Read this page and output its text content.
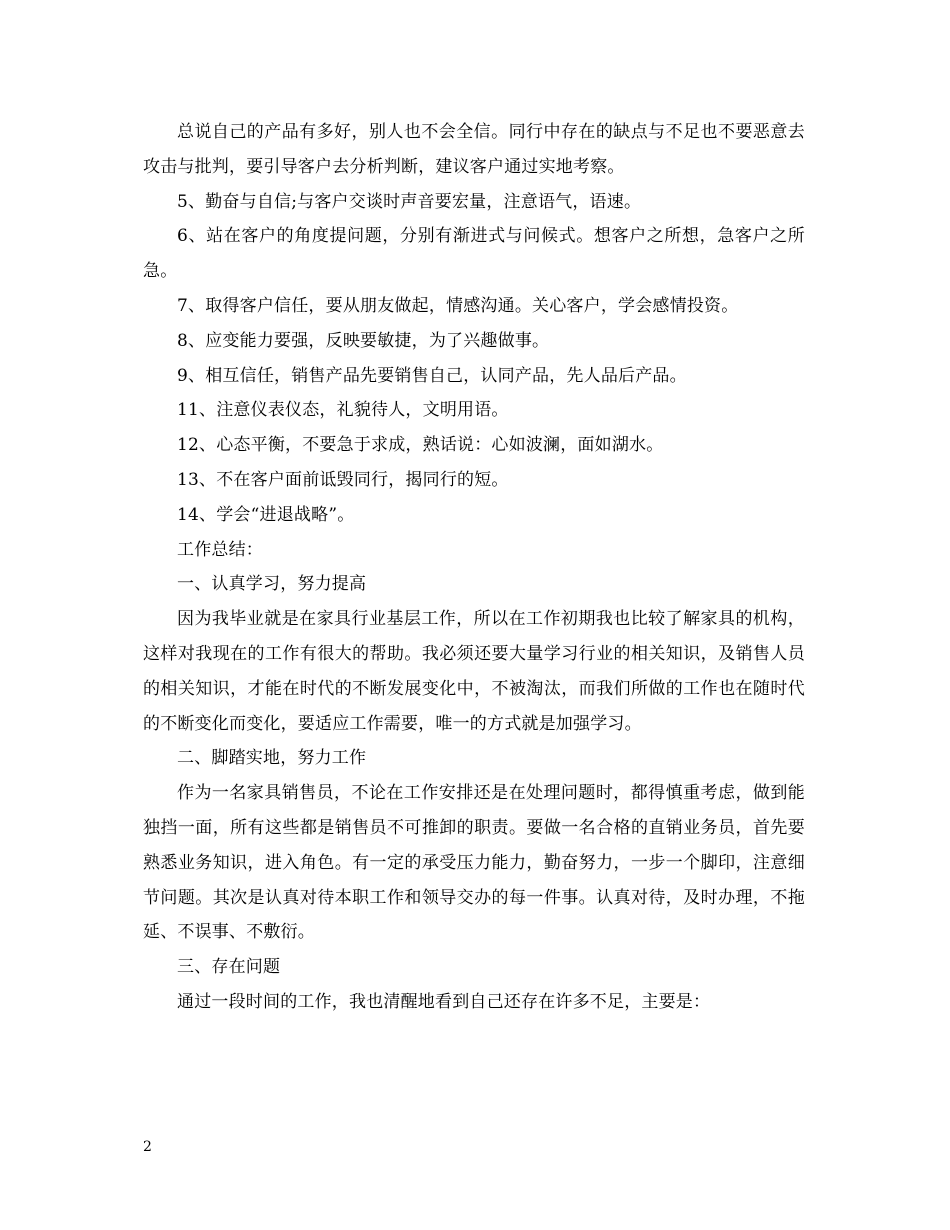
总说自己的产品有多好，别人也不会全信。同行中存在的缺点与不足也不要恶意去攻击与批判，要引导客户去分析判断，建议客户通过实地考察。

5、勤奋与自信;与客户交谈时声音要宏量，注意语气，语速。

6、站在客户的角度提问题，分别有渐进式与问候式。想客户之所想，急客户之所急。

7、取得客户信任，要从朋友做起，情感沟通。关心客户，学会感情投资。

8、应变能力要强，反映要敏捷，为了兴趣做事。

9、相互信任，销售产品先要销售自己，认同产品，先人品后产品。

11、注意仪表仪态，礼貌待人，文明用语。

12、心态平衡，不要急于求成，熟话说：心如波澜，面如湖水。

13、不在客户面前诋毁同行，揭同行的短。

14、学会“进退战略”。

工作总结：

一、认真学习，努力提高

因为我毕业就是在家具行业基层工作，所以在工作初期我也比较了解家具的机构，这样对我现在的工作有很大的帮助。我必须还要大量学习行业的相关知识，及销售人员的相关知识，才能在时代的不断发展变化中，不被淘汰，而我们所做的工作也在随时代的不断变化而变化，要适应工作需要，唯一的方式就是加强学习。

二、脚踏实地，努力工作

作为一名家具销售员，不论在工作安排还是在处理问题时，都得慎重考虑，做到能独挡一面，所有这些都是销售员不可推卸的职责。要做一名合格的直销业务员，首先要熟悉业务知识，进入角色。有一定的承受压力能力，勤奋努力，一步一个脚印，注意细节问题。其次是认真对待本职工作和领导交办的每一件事。认真对待，及时办理，不拖延、不误事、不敷衍。

三、存在问题

通过一段时间的工作，我也清醒地看到自己还存在许多不足，主要是：

2
